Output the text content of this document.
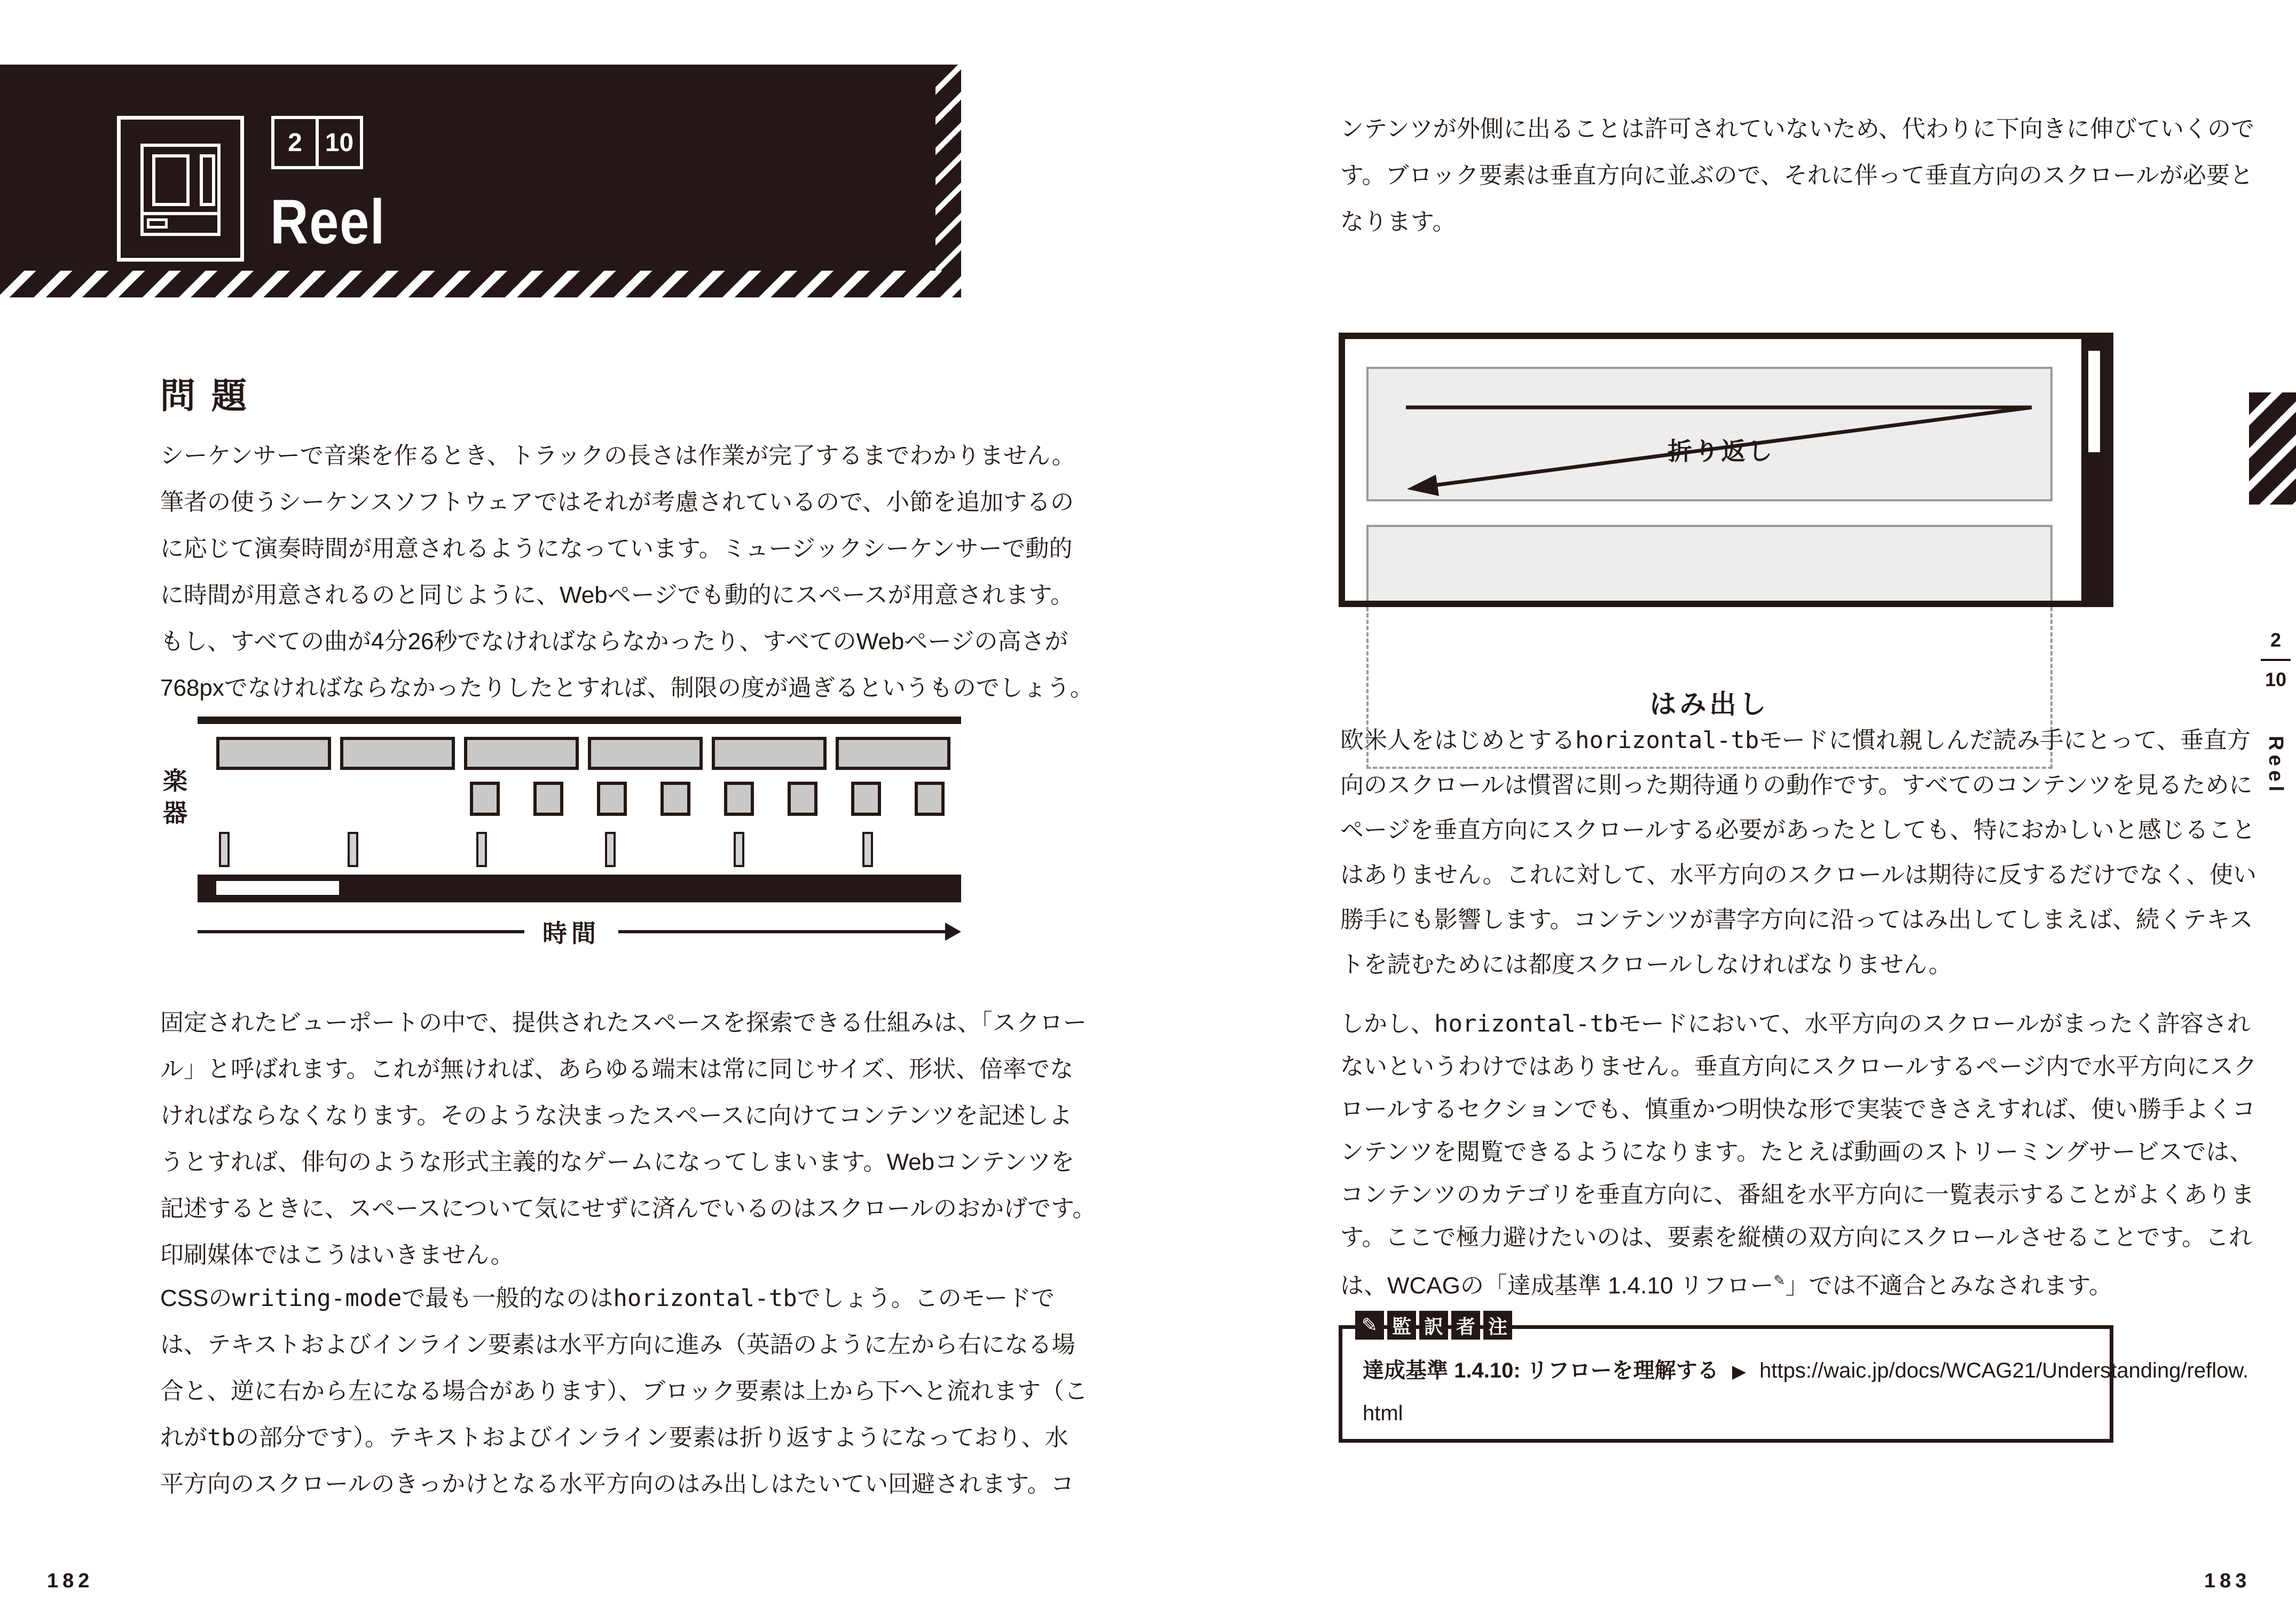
2 10
Reel
問題
シーケンサーで音楽を作るとき、トラックの長さは作業が完了するまでわかりません。
筆者の使うシーケンスソフトウェアではそれが考慮されているので、小節を追加するの
に応じて演奏時間が用意されるようになっています。ミュージックシーケンサーで動的
に時間が用意されるのと同じように、Webページでも動的にスペースが用意されます。
もし、すべての曲が4分26秒でなければならなかったり、すべてのWebページの高さが
768pxでなければならなかったりしたとすれば、制限の度が過ぎるというものでしょう。
楽器
時間
固定されたビューポートの中で、提供されたスペースを探索できる仕組みは、「スクロー
ル」と呼ばれます。これが無ければ、あらゆる端末は常に同じサイズ、形状、倍率でな
ければならなくなります。そのような決まったスペースに向けてコンテンツを記述しよ
うとすれば、俳句のような形式主義的なゲームになってしまいます。Webコンテンツを
記述するときに、スペースについて気にせずに済んでいるのはスクロールのおかげです。
印刷媒体ではこうはいきません。
CSSのwriting-modeで最も一般的なのはhorizontal-tbでしょう。このモードで
は、テキストおよびインライン要素は水平方向に進み（英語のように左から右になる場
合と、逆に右から左になる場合があります）、ブロック要素は上から下へと流れます（こ
れがtbの部分です）。テキストおよびインライン要素は折り返すようになっており、水
平方向のスクロールのきっかけとなる水平方向のはみ出しはたいてい回避されます。コ
182
ンテンツが外側に出ることは許可されていないため、代わりに下向きに伸びていくので
す。ブロック要素は垂直方向に並ぶので、それに伴って垂直方向のスクロールが必要と
なります。
折り返し
はみ出し
欧米人をはじめとするhorizontal-tbモードに慣れ親しんだ読み手にとって、垂直方
向のスクロールは慣習に則った期待通りの動作です。すべてのコンテンツを見るために
ページを垂直方向にスクロールする必要があったとしても、特におかしいと感じること
はありません。これに対して、水平方向のスクロールは期待に反するだけでなく、使い
勝手にも影響します。コンテンツが書字方向に沿ってはみ出してしまえば、続くテキス
トを読むためには都度スクロールしなければなりません。
しかし、horizontal-tbモードにおいて、水平方向のスクロールがまったく許容され
ないというわけではありません。垂直方向にスクロールするページ内で水平方向にスク
ロールするセクションでも、慎重かつ明快な形で実装できさえすれば、使い勝手よくコ
ンテンツを閲覧できるようになります。たとえば動画のストリーミングサービスでは、
コンテンツのカテゴリを垂直方向に、番組を水平方向に一覧表示することがよくありま
す。ここで極力避けたいのは、要素を縦横の双方向にスクロールさせることです。これ
は、WCAGの「達成基準 1.4.10 リフロー✎」では不適合とみなされます。
✎ 監 訳 者 注
達成基準 1.4.10: リフローを理解する ▶ https://waic.jp/docs/WCAG21/Understanding/reflow.
html
2
10
Reel
183
